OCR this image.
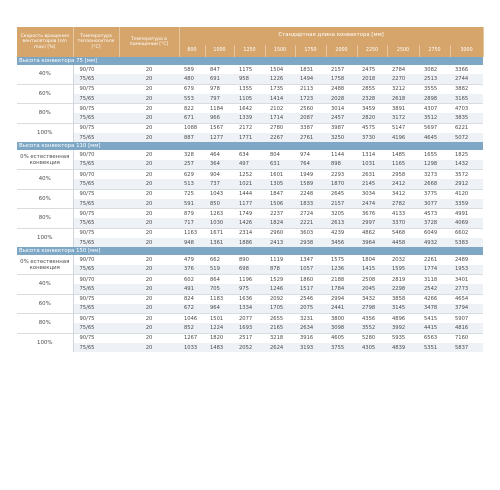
Скорость вращения вентиляторов (n/n max) [%]	Температура теплоносителя [°C]	Температура в помещении [°C]	Стандартная длина конвектора [мм]									
			800	1000	1250	1500	1750	2000	2250	2500	2750	3000
Высота конвектора 75 [мм]												
40%	90/70	20	589	847	1175	1504	1831	2157	2475	2784	3082	3366
	75/65	20	480	691	958	1226	1494	1758	2018	2270	2513	2744
60%	90/75	20	679	978	1355	1735	2113	2488	2855	3212	3555	3882
	75/65	20	553	797	1105	1414	1723	2028	2328	2618	2898	3165
80%	90/75	20	822	1184	1642	2102	2560	3014	3459	3891	4307	4703
	75/65	20	671	966	1339	1714	2087	2457	2820	3172	3512	3835
100%	90/75	20	1088	1567	2172	2780	3387	3987	4575	5147	5697	6221
	75/65	20	887	1277	1771	2267	2761	3250	3730	4196	4645	5072
Высота конвектора 110 [мм]												
0% естественная конвекция	90/70	20	328	464	634	804	974	1144	1314	1485	1655	1825
	75/65	20	257	364	497	631	764	898	1031	1165	1298	1432
40%	90/70	20	629	904	1252	1601	1949	2293	2631	2958	3273	3572
	75/65	20	513	737	1021	1305	1589	1870	2145	2412	2668	2912
60%	90/75	20	725	1043	1444	1847	2248	2645	3034	3412	3775	4120
	75/65	20	591	850	1177	1506	1833	2157	2474	2782	3077	3359
80%	90/75	20	879	1263	1749	2237	2724	3205	3676	4133	4573	4991
	75/65	20	717	1030	1426	1824	2221	2613	2997	3370	3728	4069
100%	90/75	20	1163	1671	2314	2960	3603	4239	4862	5468	6049	6602
	75/65	20	948	1361	1886	2413	2938	3456	3964	4458	4932	5383
Высота конвектора 150 [мм]												
0% естественная конвекция	90/70	20	479	662	890	1119	1347	1575	1804	2032	2261	2489
	75/65	20	376	519	698	878	1057	1236	1415	1595	1774	1953
40%	90/70	20	602	864	1196	1529	1860	2188	2508	2819	3118	3401
	75/65	20	491	705	975	1246	1517	1784	2045	2298	2542	2773
60%	90/75	20	824	1183	1636	2092	2546	2994	3432	3858	4266	4654
	75/65	20	672	964	1334	1705	2075	2441	2798	3145	3478	3794
80%	90/75	20	1046	1501	2077	2655	3231	3800	4356	4896	5415	5907
	75/65	20	852	1224	1693	2165	2634	3098	3552	3992	4415	4816
100%	90/75	20	1267	1820	2517	3218	3916	4605	5280	5935	6563	7160
	75/65	20	1033	1483	2052	2624	3193	3755	4305	4839	5351	5837
